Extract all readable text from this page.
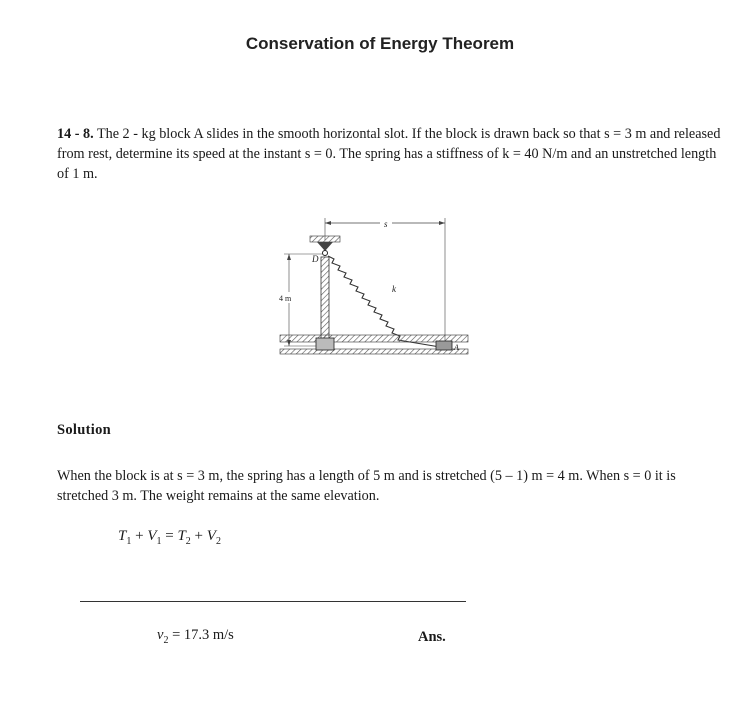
Conservation of Energy Theorem
14 - 8. The 2 - kg block A slides in the smooth horizontal slot. If the block is drawn back so that s = 3 m and released from rest, determine its speed at the instant s = 0. The spring has a stiffness of k = 40 N/m and an unstretched length of 1 m.
s
D
k
4 m
A
Solution
When the block is at s = 3 m, the spring has a length of 5 m and is stretched (5 – 1) m = 4 m. When s = 0 it is stretched 3 m. The weight remains at the same elevation.
$T_1 + V_1 = T_2 + V_2$
$v_2 = 17.3$ m/s	Ans.
